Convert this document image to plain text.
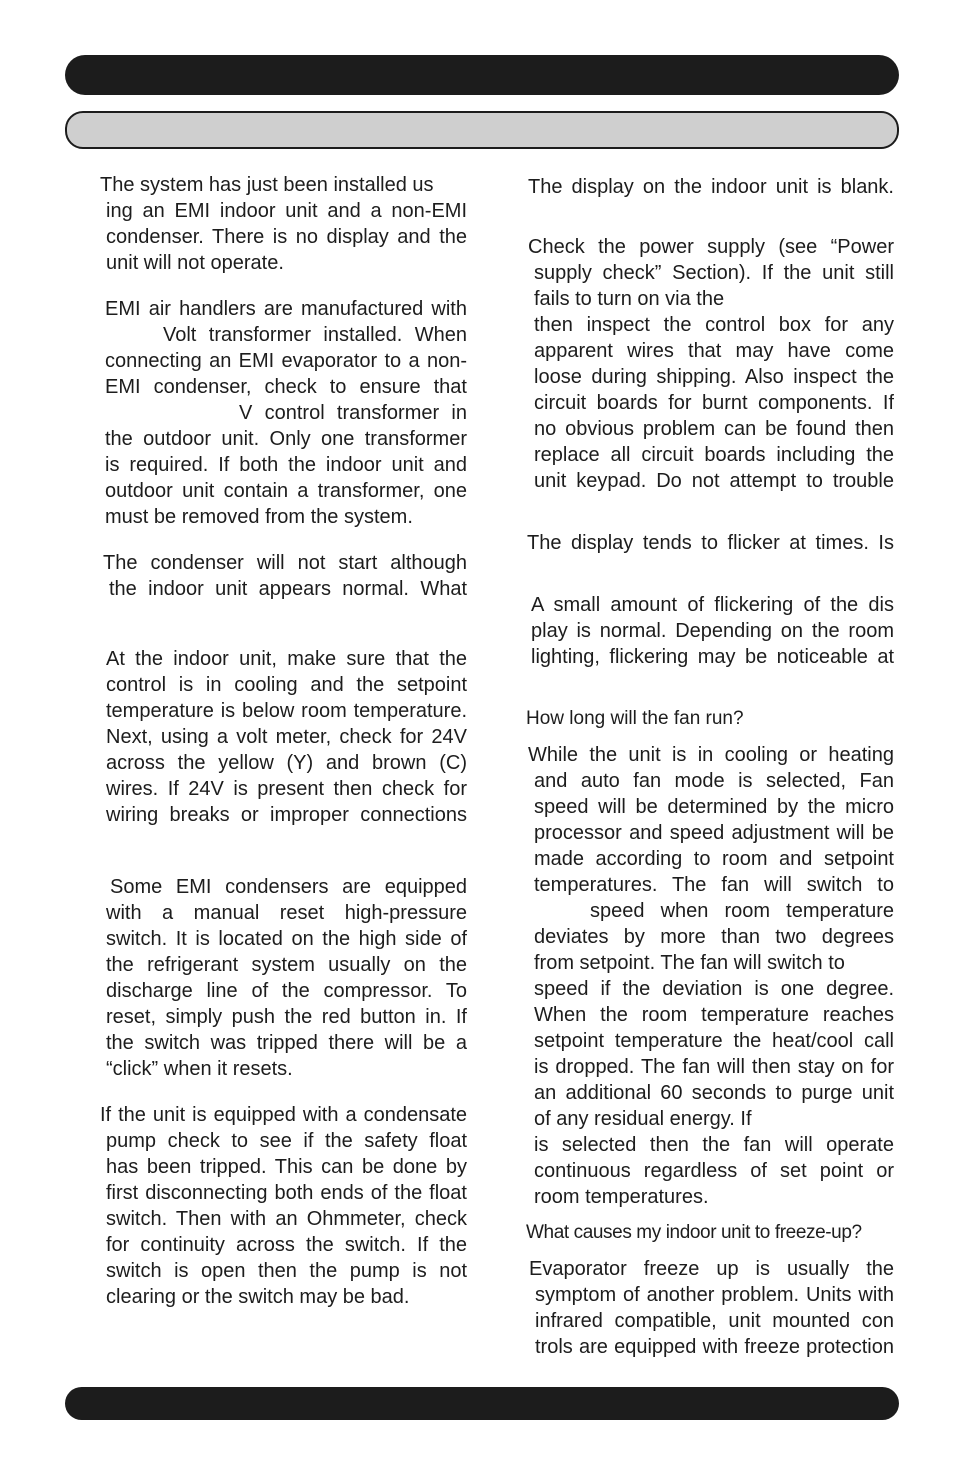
The system has just been installed us
ing an EMI indoor unit and a non-EMI
condenser. There is no display and the
unit will not operate.
EMI air handlers are manufactured with
Volt transformer installed. When
connecting an EMI evaporator to a non-
EMI condenser, check to ensure that
V control transformer in
the outdoor unit. Only one transformer
is required. If both the indoor unit and
outdoor unit contain a transformer, one
must be removed from the system.
The condenser will not start although
the indoor unit appears normal. What
At the indoor unit, make sure that the
control is in cooling and the setpoint
temperature is below room temperature.
Next, using a volt meter, check for 24V
across the yellow (Y) and brown (C)
wires. If 24V is present then check for
wiring breaks or improper connections
Some EMI condensers are equipped
with a manual reset high-pressure
switch. It is located on the high side of
the refrigerant system usually on the
discharge line of the compressor. To
reset, simply push the red button in. If
the switch was tripped there will be a
“click” when it resets.
If the unit is equipped with a condensate
pump check to see if the safety float
has been tripped. This can be done by
first disconnecting both ends of the float
switch. Then with an Ohmmeter, check
for continuity across the switch. If the
switch is open then the pump is not
clearing or the switch may be bad.
The display on the indoor unit is blank.
Check the power supply (see “Power
supply check” Section). If the unit still
fails to turn on via the
then inspect the control box for any
apparent wires that may have come
loose during shipping. Also inspect the
circuit boards for burnt components. If
no obvious problem can be found then
replace all circuit boards including the
unit keypad. Do not attempt to trouble
The display tends to flicker at times. Is
A small amount of flickering of the dis
play is normal. Depending on the room
lighting, flickering may be noticeable at
How long will the fan run?
While the unit is in cooling or heating
and auto fan mode is selected, Fan
speed will be determined by the micro
processor and speed adjustment will be
made according to room and setpoint
temperatures. The fan will switch to
speed when room temperature
deviates by more than two degrees
from setpoint. The fan will switch to
speed if the deviation is one degree.
When the room temperature reaches
setpoint temperature the heat/cool call
is dropped. The fan will then stay on for
an additional 60 seconds to purge unit
of any residual energy. If
is selected then the fan will operate
continuous regardless of set point or
room temperatures.
What causes my indoor unit to freeze-up?
Evaporator freeze up is usually the
symptom of another problem. Units with
infrared compatible, unit mounted con
trols are equipped with freeze protection
